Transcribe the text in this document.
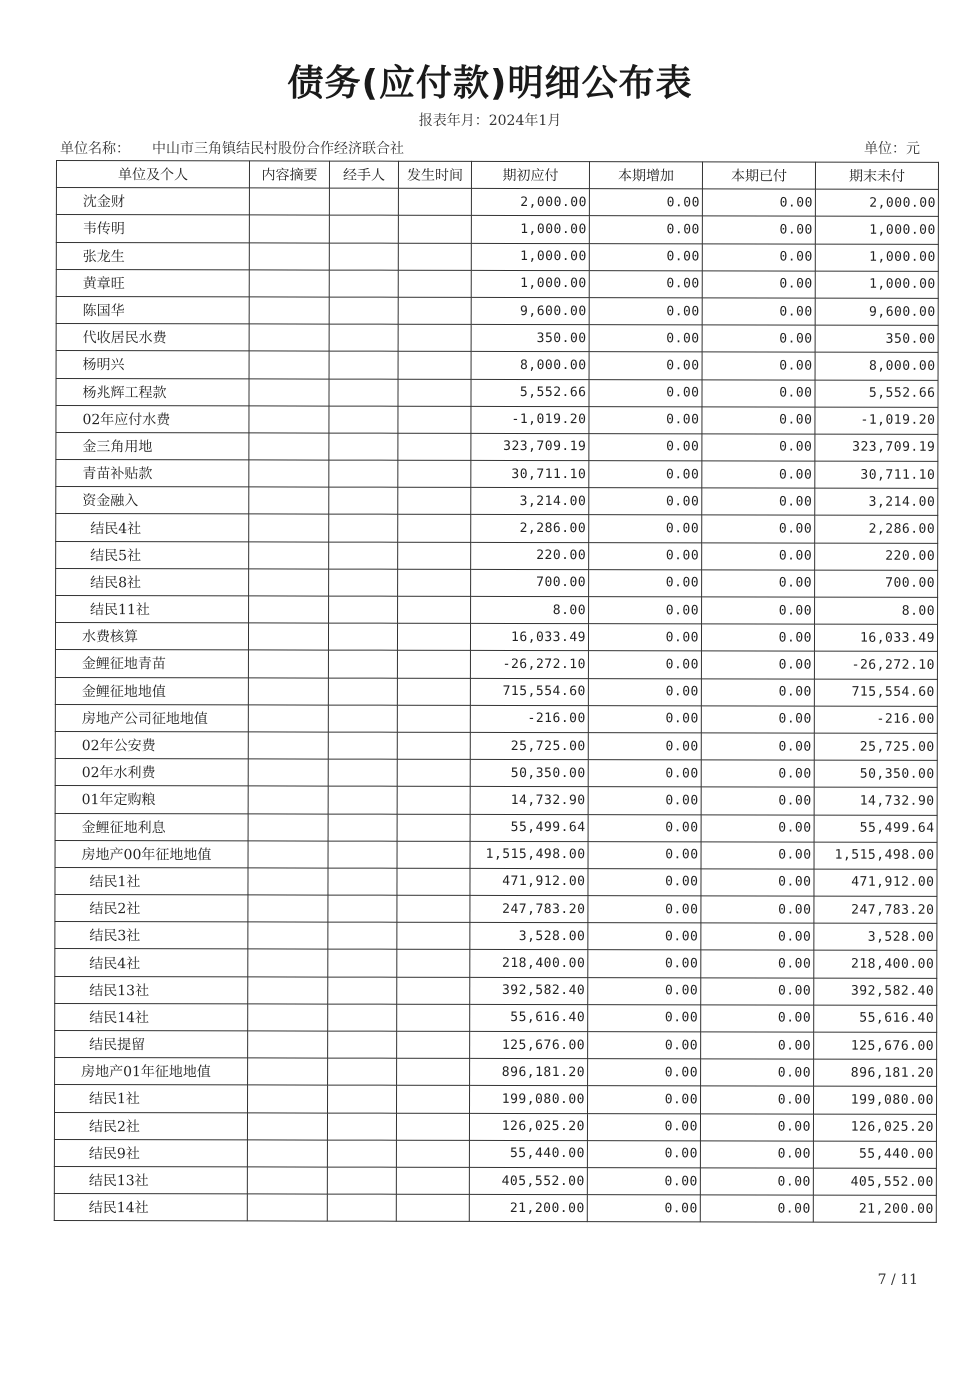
债务(应付款)明细公布表
报表年月：2024年1月
单位名称： 中山市三角镇结民村股份合作经济联合社	单位：元
单位及个人	内容摘要	经手人	发生时间	期初应付	本期增加	本期已付	期末未付
沈金财				2,000.00	0.00	0.00	2,000.00
韦传明				1,000.00	0.00	0.00	1,000.00
张龙生				1,000.00	0.00	0.00	1,000.00
黄章旺				1,000.00	0.00	0.00	1,000.00
陈国华				9,600.00	0.00	0.00	9,600.00
代收居民水费				350.00	0.00	0.00	350.00
杨明兴				8,000.00	0.00	0.00	8,000.00
杨兆辉工程款				5,552.66	0.00	0.00	5,552.66
02年应付水费				-1,019.20	0.00	0.00	-1,019.20
金三角用地				323,709.19	0.00	0.00	323,709.19
青苗补贴款				30,711.10	0.00	0.00	30,711.10
资金融入				3,214.00	0.00	0.00	3,214.00
结民4社				2,286.00	0.00	0.00	2,286.00
结民5社				220.00	0.00	0.00	220.00
结民8社				700.00	0.00	0.00	700.00
结民11社				8.00	0.00	0.00	8.00
水费核算				16,033.49	0.00	0.00	16,033.49
金鲤征地青苗				-26,272.10	0.00	0.00	-26,272.10
金鲤征地地值				715,554.60	0.00	0.00	715,554.60
房地产公司征地地值				-216.00	0.00	0.00	-216.00
02年公安费				25,725.00	0.00	0.00	25,725.00
02年水利费				50,350.00	0.00	0.00	50,350.00
01年定购粮				14,732.90	0.00	0.00	14,732.90
金鲤征地利息				55,499.64	0.00	0.00	55,499.64
房地产00年征地地值				1,515,498.00	0.00	0.00	1,515,498.00
结民1社				471,912.00	0.00	0.00	471,912.00
结民2社				247,783.20	0.00	0.00	247,783.20
结民3社				3,528.00	0.00	0.00	3,528.00
结民4社				218,400.00	0.00	0.00	218,400.00
结民13社				392,582.40	0.00	0.00	392,582.40
结民14社				55,616.40	0.00	0.00	55,616.40
结民提留				125,676.00	0.00	0.00	125,676.00
房地产01年征地地值				896,181.20	0.00	0.00	896,181.20
结民1社				199,080.00	0.00	0.00	199,080.00
结民2社				126,025.20	0.00	0.00	126,025.20
结民9社				55,440.00	0.00	0.00	55,440.00
结民13社				405,552.00	0.00	0.00	405,552.00
结民14社				21,200.00	0.00	0.00	21,200.00
7 / 11
